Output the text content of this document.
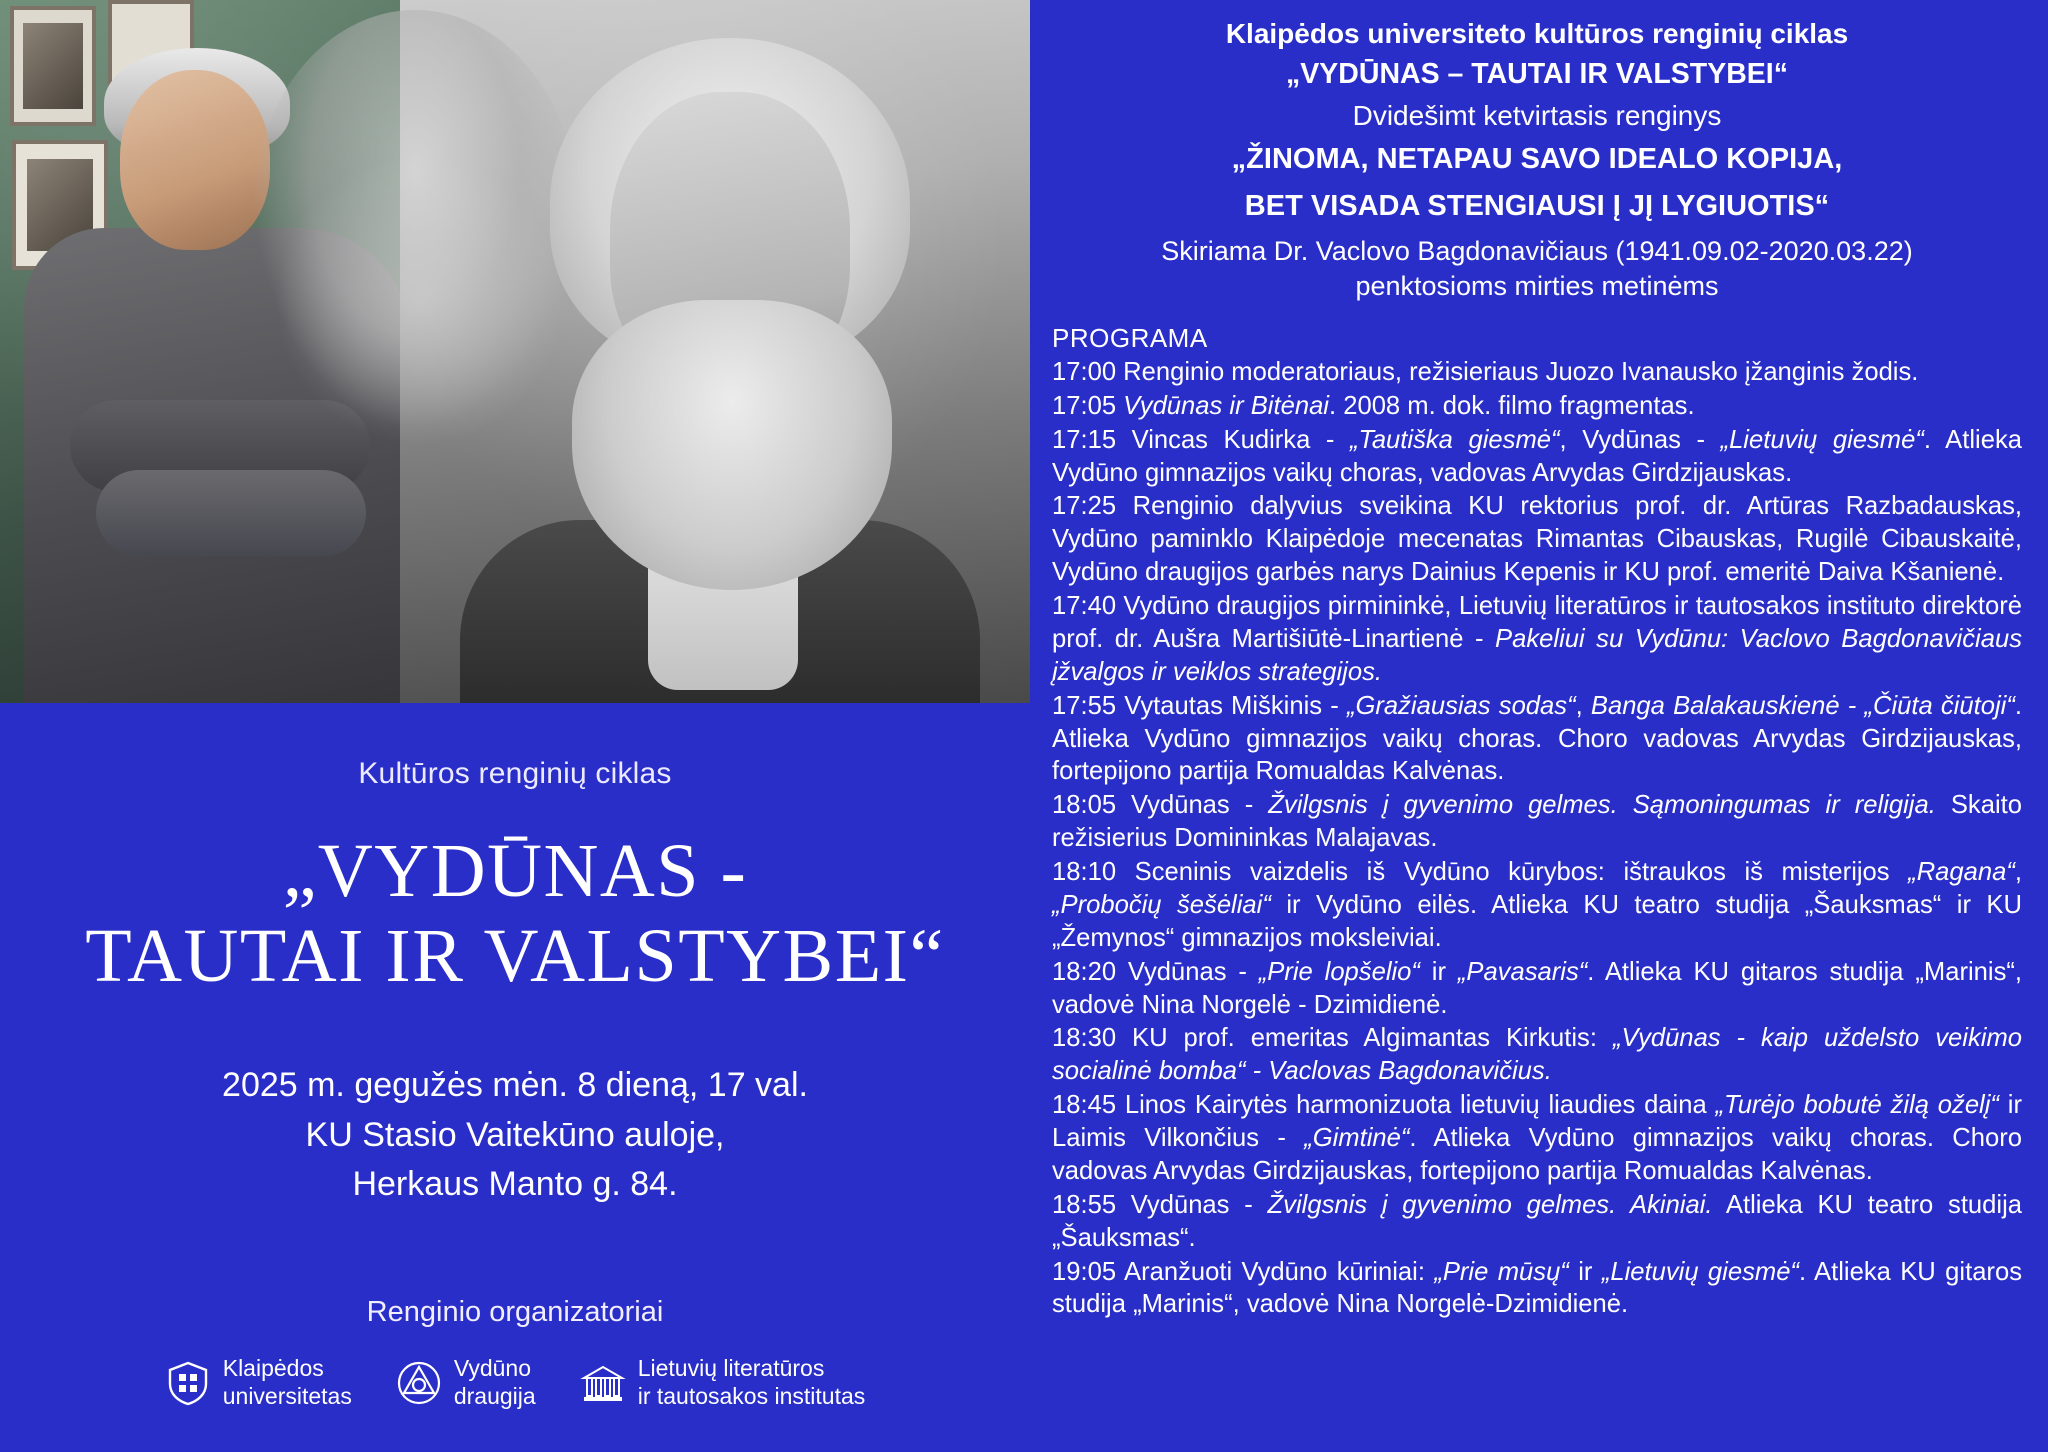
Kultūros renginių ciklas
„VYDŪNAS -
TAUTAI IR VALSTYBEI“
2025 m. gegužės mėn. 8 dieną, 17 val.
KU Stasio Vaitekūno auloje,
Herkaus Manto g. 84.
Renginio organizatoriai
Klaipėdos
universitetas
Vydūno
draugija
Lietuvių literatūros
ir tautosakos institutas
Klaipėdos universiteto kultūros renginių ciklas
„VYDŪNAS – TAUTAI IR VALSTYBEI“
Dvidešimt ketvirtasis renginys
„ŽINOMA, NETAPAU SAVO IDEALO KOPIJA,
BET VISADA STENGIAUSI Į JĮ LYGIUOTIS“
Skiriama Dr. Vaclovo Bagdonavičiaus (1941.09.02-2020.03.22)
penktosioms mirties metinėms
PROGRAMA

17:00 Renginio moderatoriaus, režisieriaus Juozo Ivanausko įžanginis žodis.

17:05 Vydūnas ir Bitėnai. 2008 m. dok. filmo fragmentas.

17:15 Vincas Kudirka - „Tautiška giesmė“, Vydūnas - „Lietuvių giesmė“. Atlieka Vydūno gimnazijos vaikų choras, vadovas Arvydas Girdzijauskas.

17:25 Renginio dalyvius sveikina KU rektorius prof. dr. Artūras Razbadauskas, Vydūno paminklo Klaipėdoje mecenatas Rimantas Cibauskas, Rugilė Cibauskaitė, Vydūno draugijos garbės narys Dainius Kepenis ir KU prof. emeritė Daiva Kšanienė.

17:40 Vydūno draugijos pirmininkė, Lietuvių literatūros ir tautosakos instituto direktorė prof. dr. Aušra Martišiūtė-Linartienė - Pakeliui su Vydūnu: Vaclovo Bagdonavičiaus įžvalgos ir veiklos strategijos.

17:55 Vytautas Miškinis - „Gražiausias sodas“, Banga Balakauskienė - „Čiūta čiūtoji“. Atlieka Vydūno gimnazijos vaikų choras. Choro vadovas Arvydas Girdzijauskas, fortepijono partija Romualdas Kalvėnas.

18:05 Vydūnas - Žvilgsnis į gyvenimo gelmes. Sąmoningumas ir religija. Skaito režisierius Domininkas Malajavas.

18:10 Sceninis vaizdelis iš Vydūno kūrybos: ištraukos iš misterijos „Ragana“, „Probočių šešėliai“ ir Vydūno eilės. Atlieka KU teatro studija „Šauksmas“ ir KU „Žemynos“ gimnazijos moksleiviai.

18:20 Vydūnas - „Prie lopšelio“ ir „Pavasaris“. Atlieka KU gitaros studija „Marinis“, vadovė Nina Norgelė - Dzimidienė.

18:30 KU prof. emeritas Algimantas Kirkutis: „Vydūnas - kaip uždelsto veikimo socialinė bomba“ - Vaclovas Bagdonavičius.

18:45 Linos Kairytės harmonizuota lietuvių liaudies daina „Turėjo bobutė žilą oželį“ ir Laimis Vilkončius - „Gimtinė“. Atlieka Vydūno gimnazijos vaikų choras. Choro vadovas Arvydas Girdzijauskas, fortepijono partija Romualdas Kalvėnas.

18:55 Vydūnas - Žvilgsnis į gyvenimo gelmes. Akiniai. Atlieka KU teatro studija „Šauksmas“.

19:05 Aranžuoti Vydūno kūriniai: „Prie mūsų“ ir „Lietuvių giesmė“. Atlieka KU gitaros studija „Marinis“, vadovė Nina Norgelė-Dzimidienė.
